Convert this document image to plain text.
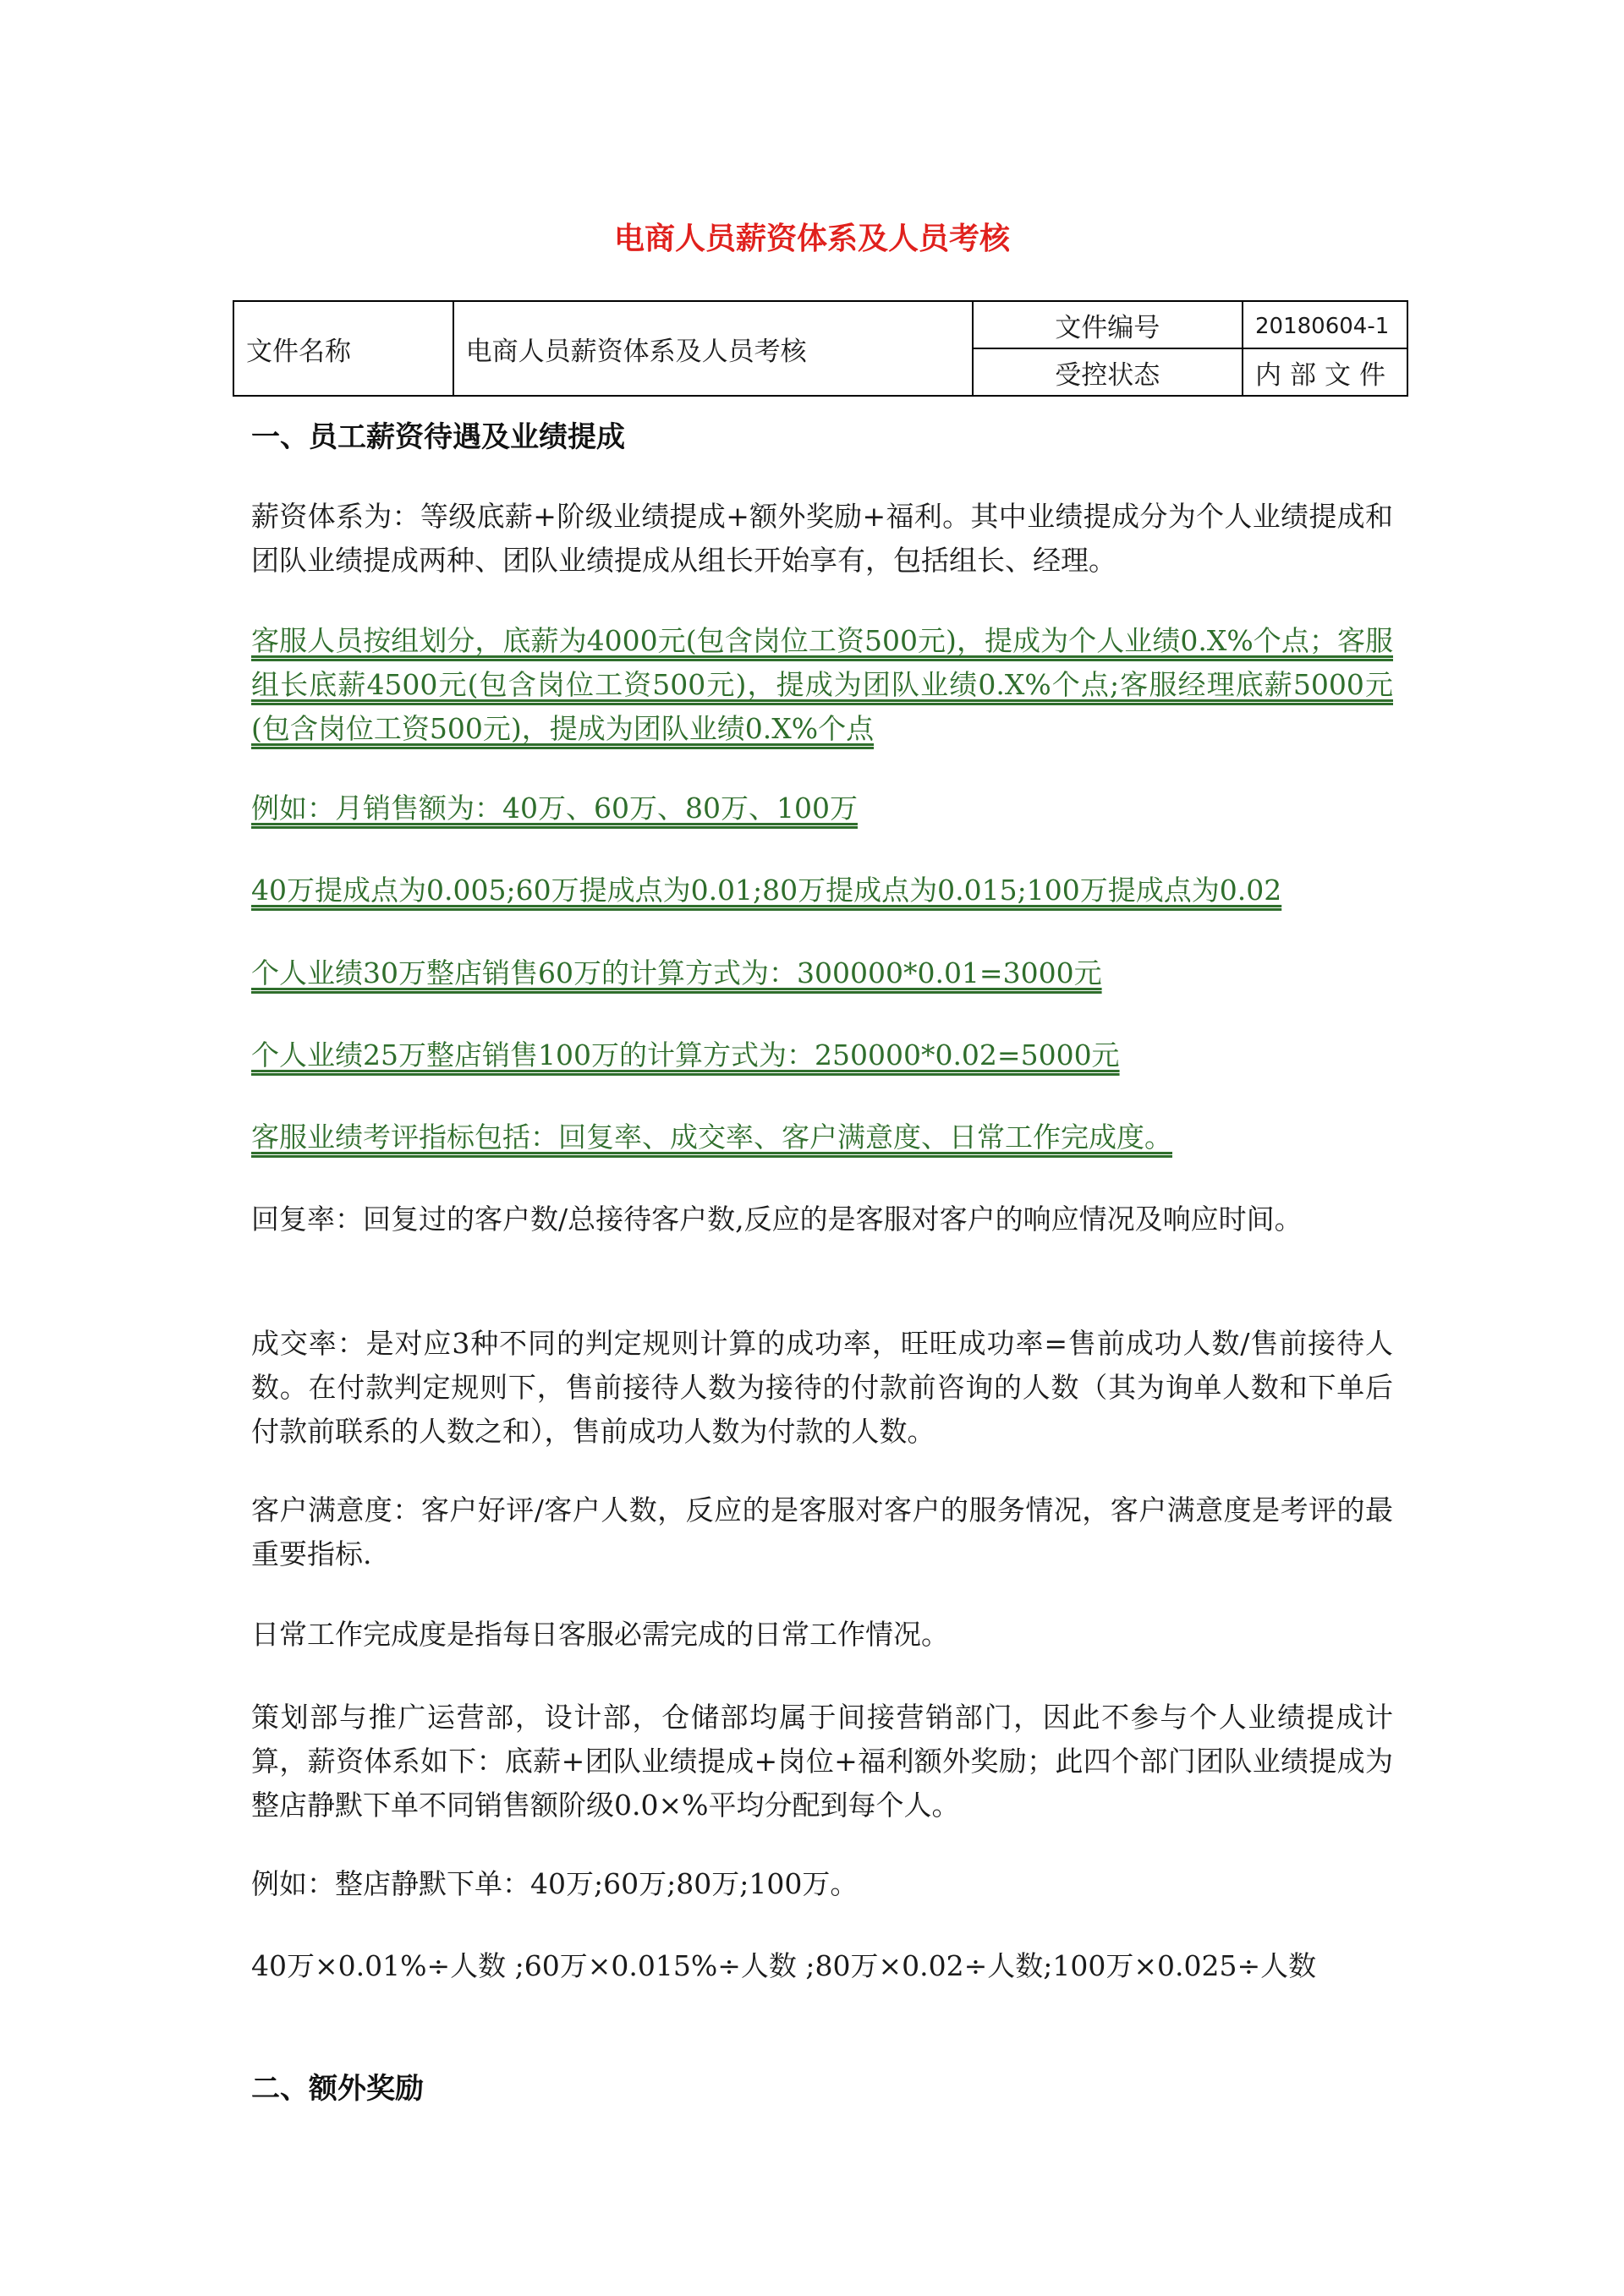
电商人员薪资体系及人员考核
文件名称	电商人员薪资体系及人员考核	文件编号	20180604-1
		受控状态	内部文件
一、员工薪资待遇及业绩提成
薪资体系为：等级底薪+阶级业绩提成+额外奖励+福利。其中业绩提成分为个人业绩提成和团队业绩提成两种、团队业绩提成从组长开始享有，包括组长、经理。
客服人员按组划分，底薪为4000元(包含岗位工资500元)，提成为个人业绩0.X%个点；客服组长底薪4500元(包含岗位工资500元)，提成为团队业绩0.X%个点;客服经理底薪5000元(包含岗位工资500元)，提成为团队业绩0.X%个点
例如：月销售额为：40万、60万、80万、100万
40万提成点为0.005;60万提成点为0.01;80万提成点为0.015;100万提成点为0.02
个人业绩30万整店销售60万的计算方式为：300000*0.01=3000元
个人业绩25万整店销售100万的计算方式为：250000*0.02=5000元
客服业绩考评指标包括：回复率、成交率、客户满意度、日常工作完成度。
回复率：回复过的客户数/总接待客户数,反应的是客服对客户的响应情况及响应时间。
成交率：是对应3种不同的判定规则计算的成功率，旺旺成功率=售前成功人数/售前接待人数。在付款判定规则下，售前接待人数为接待的付款前咨询的人数（其为询单人数和下单后付款前联系的人数之和），售前成功人数为付款的人数。
客户满意度：客户好评/客户人数，反应的是客服对客户的服务情况，客户满意度是考评的最重要指标.
日常工作完成度是指每日客服必需完成的日常工作情况。
策划部与推广运营部，设计部，仓储部均属于间接营销部门，因此不参与个人业绩提成计算，薪资体系如下：底薪+团队业绩提成+岗位+福利额外奖励；此四个部门团队业绩提成为整店静默下单不同销售额阶级0.0×%平均分配到每个人。
例如：整店静默下单：40万;60万;80万;100万。
40万×0.01%÷人数 ;60万×0.015%÷人数 ;80万×0.02÷人数;100万×0.025÷人数
二、额外奖励
